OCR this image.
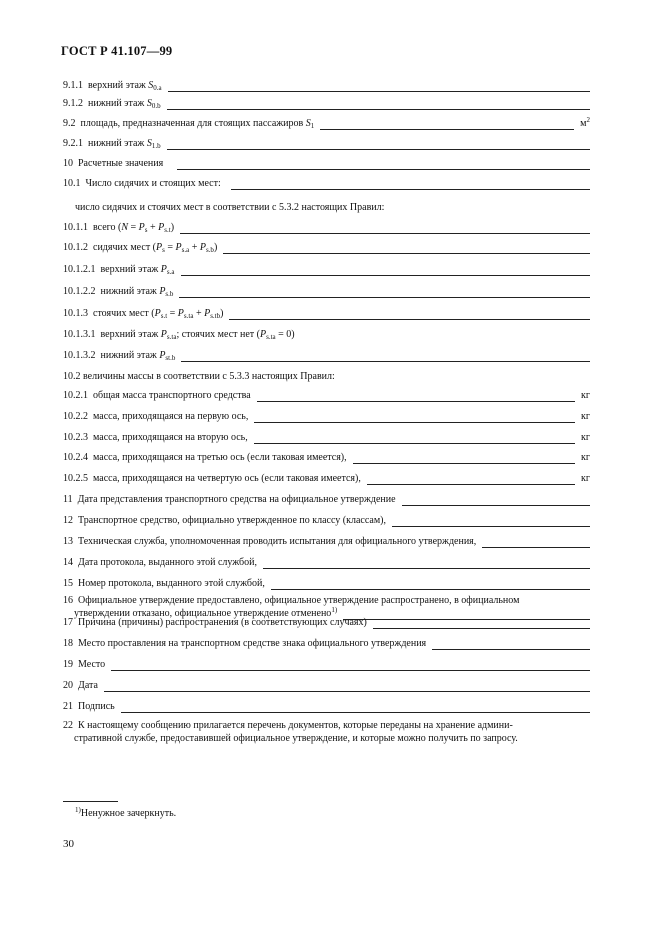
ГОСТ Р 41.107—99
9.1.1 верхний этаж $S_{0.a}$
9.1.2 нижний этаж $S_{0.b}$
9.2 площадь, предназначенная для стоящих пассажиров $S_1$	$м^2$
9.2.1 нижний этаж $S_{1.b}$
10 Расчетные значения
10.1 Число сидячих и стоящих мест:
число сидячих и стоячих мест в соответствии с 5.3.2 настоящих Правил:
10.1.1 всего $(N = P_s + P_{s.t})$
10.1.2 сидячих мест $(P_s = P_{s.a} + P_{s.b})$
10.1.2.1 верхний этаж $P_{s.a}$
10.1.2.2 нижний этаж $P_{s.b}$
10.1.3 стоячих мест $(P_{s.t} = P_{s.ta} + P_{s.tb})$
10.1.3.1 верхний этаж $P_{s.ta}$; стоячих мест нет $(P_{s.ta} = 0)$
10.1.3.2 нижний этаж $P_{st.b}$
10.2 величины массы в соответствии с 5.3.3 настоящих Правил:
10.2.1 общая масса транспортного средства	кг
10.2.2 масса, приходящаяся на первую ось,	кг
10.2.3 масса, приходящаяся на вторую ось,	кг
10.2.4 масса, приходящаяся на третью ось (если таковая имеется),	кг
10.2.5 масса, приходящаяся на четвертую ось (если таковая имеется),	кг
11 Дата представления транспортного средства на официальное утверждение
12 Транспортное средство, официально утвержденное по классу (классам),
13 Техническая служба, уполномоченная проводить испытания для официального утверждения,
14 Дата протокола, выданного этой службой,
15 Номер протокола, выданного этой службой,
16 Официальное утверждение предоставлено, официальное утверждение распространено, в официальном
утверждении отказано, официальное утверждение отменено$^{1)}$
17 Причина (причины) распространения (в соответствующих случаях)
18 Место проставления на транспортном средстве знака официального утверждения
19 Место
20 Дата
21 Подпись
22 К настоящему сообщению прилагается перечень документов, которые переданы на хранение админи-
стративной службе, предоставившей официальное утверждение, и которые можно получить по запросу.
$^{1)}$Ненужное зачеркнуть.
30
